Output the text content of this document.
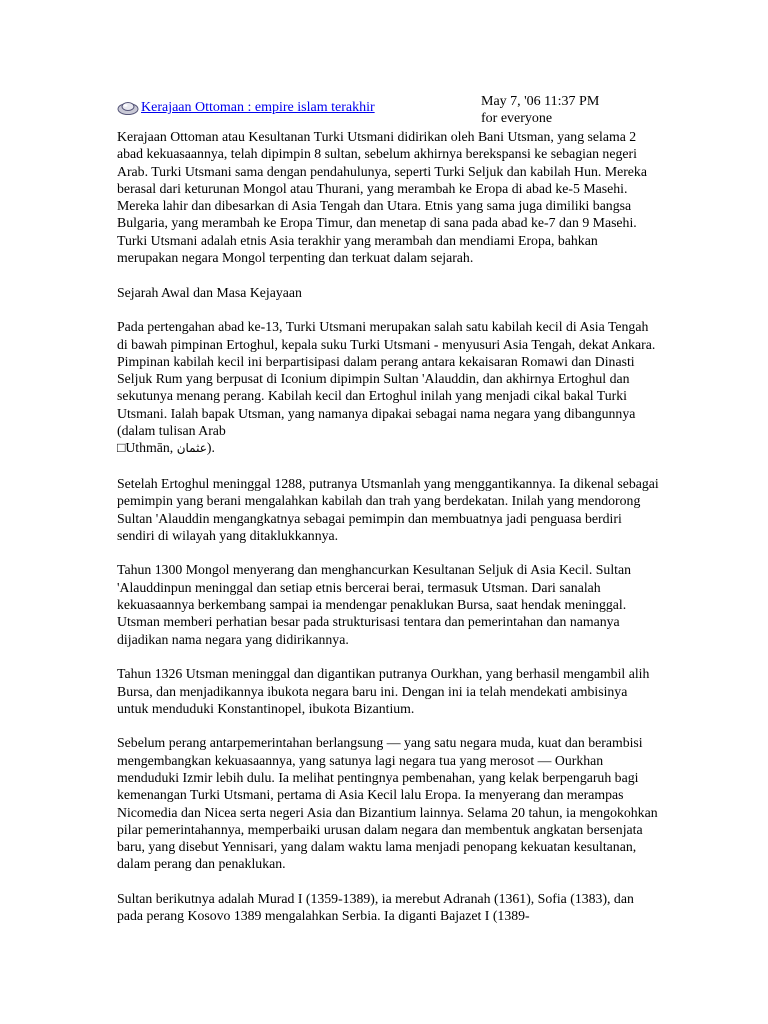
Kerajaan Ottoman : empire islam terakhir	May 7, '06 11:37 PM
for everyone

Kerajaan Ottoman atau Kesultanan Turki Utsmani didirikan oleh Bani Utsman, yang selama 2 abad kekuasaannya, telah dipimpin 8 sultan, sebelum akhirnya berekspansi ke sebagian negeri Arab. Turki Utsmani sama dengan pendahulunya, seperti Turki Seljuk dan kabilah Hun. Mereka berasal dari keturunan Mongol atau Thurani, yang merambah ke Eropa di abad ke-5 Masehi. Mereka lahir dan dibesarkan di Asia Tengah dan Utara. Etnis yang sama juga dimiliki bangsa Bulgaria, yang merambah ke Eropa Timur, dan menetap di sana pada abad ke-7 dan 9 Masehi. Turki Utsmani adalah etnis Asia terakhir yang merambah dan mendiami Eropa, bahkan merupakan negara Mongol terpenting dan terkuat dalam sejarah.

Sejarah Awal dan Masa Kejayaan

Pada pertengahan abad ke-13, Turki Utsmani merupakan salah satu kabilah kecil di Asia Tengah di bawah pimpinan Ertoghul, kepala suku Turki Utsmani - menyusuri Asia Tengah, dekat Ankara. Pimpinan kabilah kecil ini berpartisipasi dalam perang antara kekaisaran Romawi dan Dinasti Seljuk Rum yang berpusat di Iconium dipimpin Sultan 'Alauddin, dan akhirnya Ertoghul dan sekutunya menang perang. Kabilah kecil dan Ertoghul inilah yang menjadi cikal bakal Turki Utsmani. Ialah bapak Utsman, yang namanya dipakai sebagai nama negara yang dibangunnya (dalam tulisan Arab
□Uthmān, عثمان).

Setelah Ertoghul meninggal 1288, putranya Utsmanlah yang menggantikannya. Ia dikenal sebagai pemimpin yang berani mengalahkan kabilah dan trah yang berdekatan. Inilah yang mendorong Sultan 'Alauddin mengangkatnya sebagai pemimpin dan membuatnya jadi penguasa berdiri sendiri di wilayah yang ditaklukkannya.

Tahun 1300 Mongol menyerang dan menghancurkan Kesultanan Seljuk di Asia Kecil. Sultan 'Alauddinpun meninggal dan setiap etnis bercerai berai, termasuk Utsman. Dari sanalah kekuasaannya berkembang sampai ia mendengar penaklukan Bursa, saat hendak meninggal. Utsman memberi perhatian besar pada strukturisasi tentara dan pemerintahan dan namanya dijadikan nama negara yang didirikannya.

Tahun 1326 Utsman meninggal dan digantikan putranya Ourkhan, yang berhasil mengambil alih Bursa, dan menjadikannya ibukota negara baru ini. Dengan ini ia telah mendekati ambisinya untuk menduduki Konstantinopel, ibukota Bizantium.

Sebelum perang antarpemerintahan berlangsung — yang satu negara muda, kuat dan berambisi mengembangkan kekuasaannya, yang satunya lagi negara tua yang merosot — Ourkhan menduduki Izmir lebih dulu. Ia melihat pentingnya pembenahan, yang kelak berpengaruh bagi kemenangan Turki Utsmani, pertama di Asia Kecil lalu Eropa. Ia menyerang dan merampas Nicomedia dan Nicea serta negeri Asia dan Bizantium lainnya. Selama 20 tahun, ia mengokohkan pilar pemerintahannya, memperbaiki urusan dalam negara dan membentuk angkatan bersenjata baru, yang disebut Yennisari, yang dalam waktu lama menjadi penopang kekuatan kesultanan, dalam perang dan penaklukan.

Sultan berikutnya adalah Murad I (1359-1389), ia merebut Adranah (1361), Sofia (1383), dan pada perang Kosovo 1389 mengalahkan Serbia. Ia diganti Bajazet I (1389-
